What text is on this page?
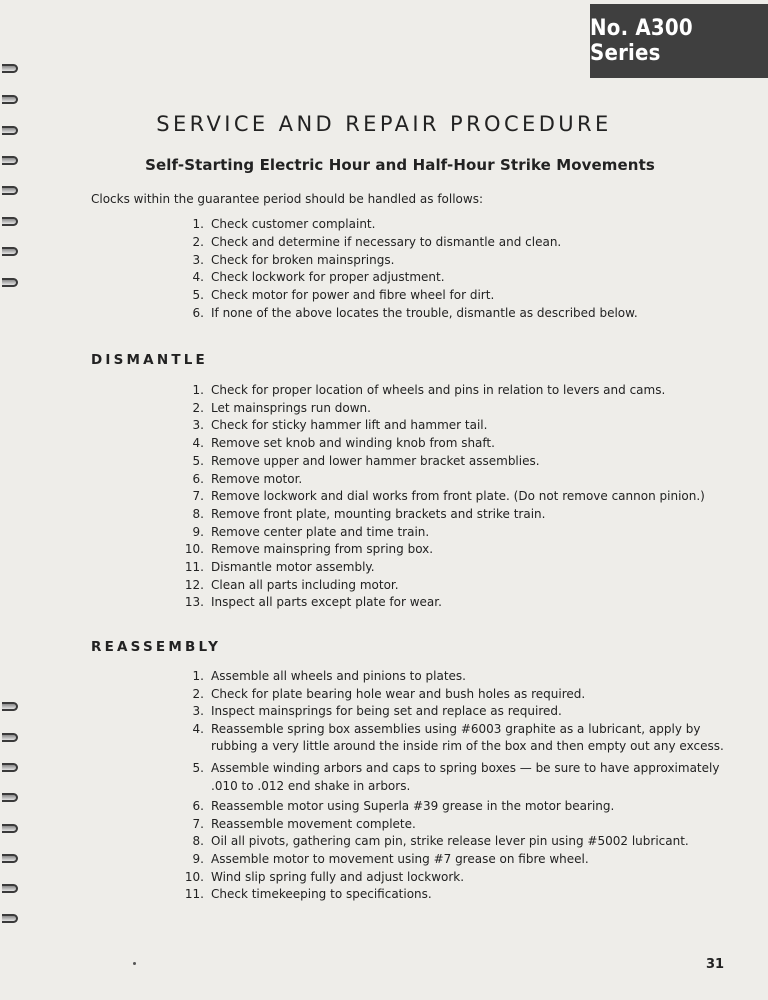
No. A300 Series
SERVICE AND REPAIR PROCEDURE
Self-Starting Electric Hour and Half-Hour Strike Movements
Clocks within the guarantee period should be handled as follows:
1. Check customer complaint.
2. Check and determine if necessary to dismantle and clean.
3. Check for broken mainsprings.
4. Check lockwork for proper adjustment.
5. Check motor for power and fibre wheel for dirt.
6. If none of the above locates the trouble, dismantle as described below.
DISMANTLE
1. Check for proper location of wheels and pins in relation to levers and cams.
2. Let mainsprings run down.
3. Check for sticky hammer lift and hammer tail.
4. Remove set knob and winding knob from shaft.
5. Remove upper and lower hammer bracket assemblies.
6. Remove motor.
7. Remove lockwork and dial works from front plate. (Do not remove cannon pinion.)
8. Remove front plate, mounting brackets and strike train.
9. Remove center plate and time train.
10. Remove mainspring from spring box.
11. Dismantle motor assembly.
12. Clean all parts including motor.
13. Inspect all parts except plate for wear.
REASSEMBLY
1. Assemble all wheels and pinions to plates.
2. Check for plate bearing hole wear and bush holes as required.
3. Inspect mainsprings for being set and replace as required.
4. Reassemble spring box assemblies using #6003 graphite as a lubricant, apply by rubbing a very little around the inside rim of the box and then empty out any excess.
5. Assemble winding arbors and caps to spring boxes — be sure to have approximately .010 to .012 end shake in arbors.
6. Reassemble motor using Superla #39 grease in the motor bearing.
7. Reassemble movement complete.
8. Oil all pivots, gathering cam pin, strike release lever pin using #5002 lubricant.
9. Assemble motor to movement using #7 grease on fibre wheel.
10. Wind slip spring fully and adjust lockwork.
11. Check timekeeping to specifications.
31
